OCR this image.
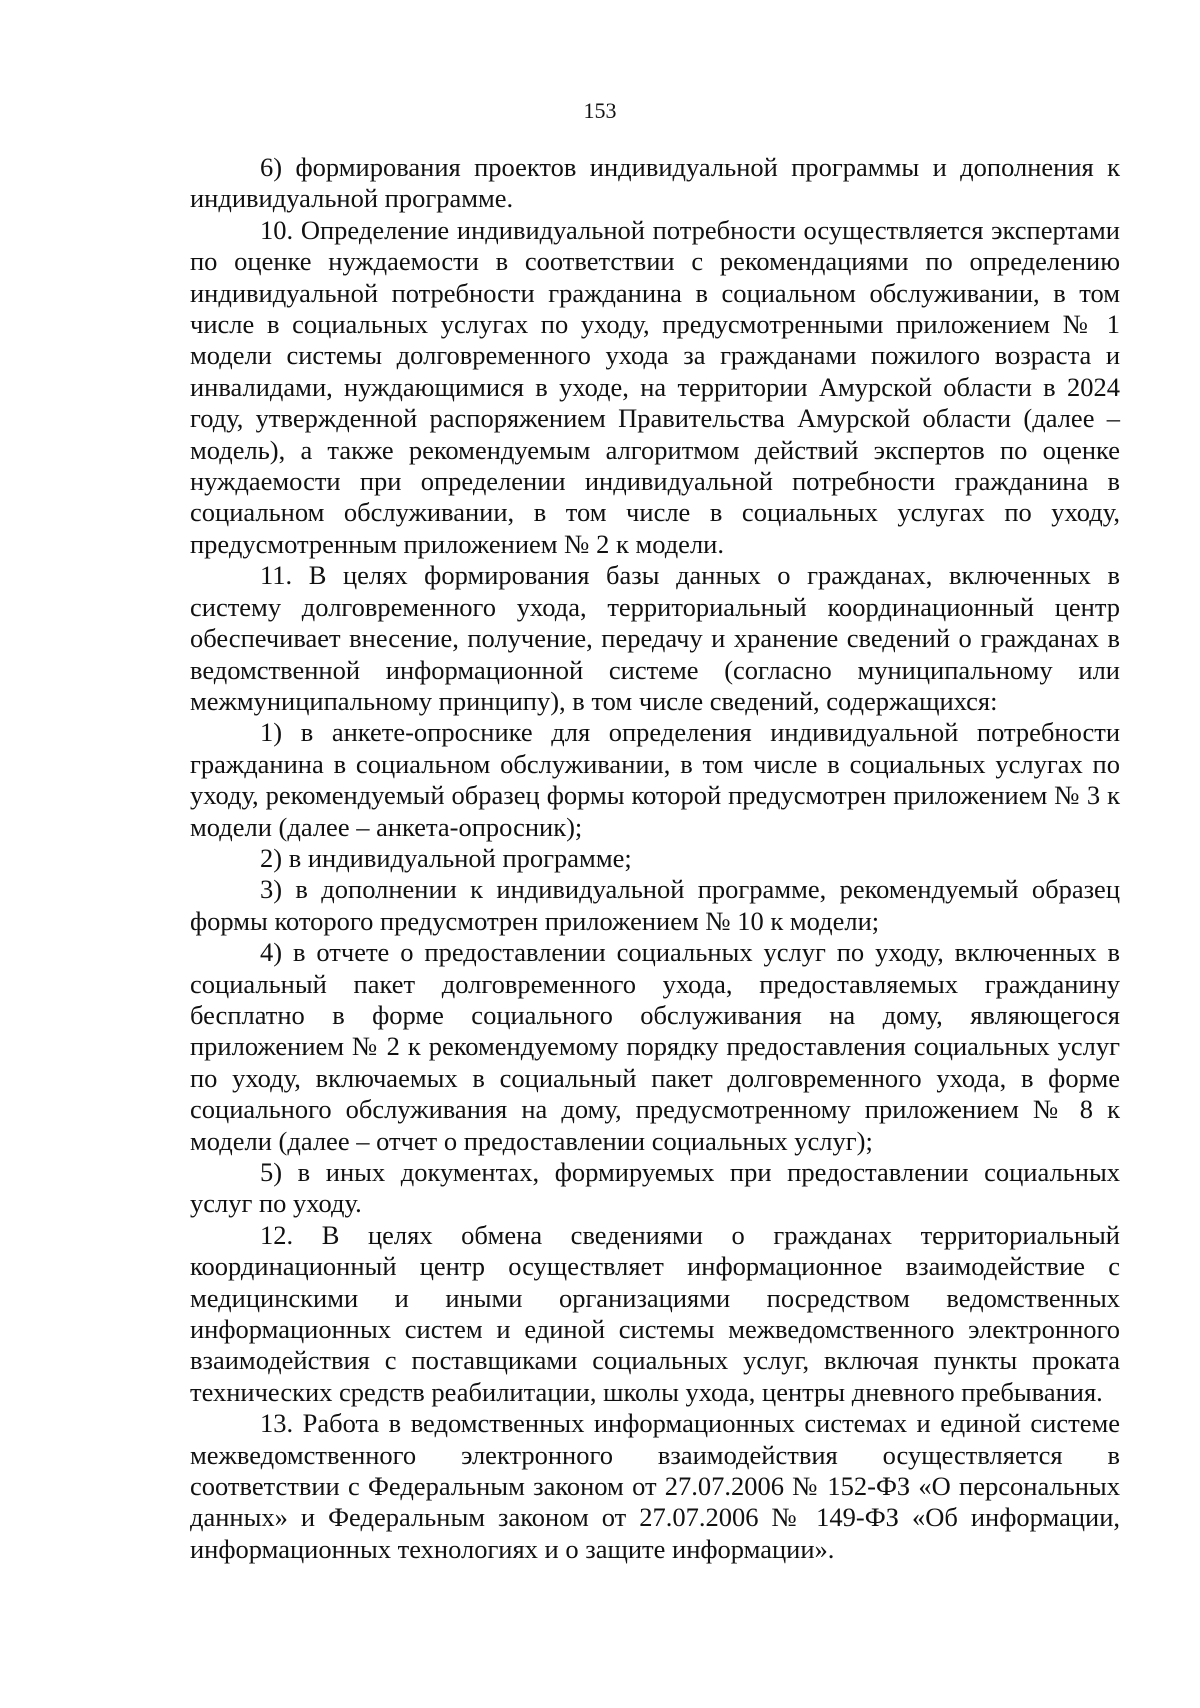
153

6) формирования проектов индивидуальной программы и дополнения к индивидуальной программе.

10. Определение индивидуальной потребности осуществляется экспертами по оценке нуждаемости в соответствии с рекомендациями по определению индивидуальной потребности гражданина в социальном обслуживании, в том числе в социальных услугах по уходу, предусмотренными приложением № 1 модели системы долговременного ухода за гражданами пожилого возраста и инвалидами, нуждающимися в уходе, на территории Амурской области в 2024 году, утвержденной распоряжением Правительства Амурской области (далее – модель), а также рекомендуемым алгоритмом действий экспертов по оценке нуждаемости при определении индивидуальной потребности гражданина в социальном обслуживании, в том числе в социальных услугах по уходу, предусмотренным приложением № 2 к модели.

11. В целях формирования базы данных о гражданах, включенных в систему долговременного ухода, территориальный координационный центр обеспечивает внесение, получение, передачу и хранение сведений о гражданах в ведомственной информационной системе (согласно муниципальному или межмуниципальному принципу), в том числе сведений, содержащихся:

1) в анкете-опроснике для определения индивидуальной потребности гражданина в социальном обслуживании, в том числе в социальных услугах по уходу, рекомендуемый образец формы которой предусмотрен приложением № 3 к модели (далее – анкета-опросник);

2) в индивидуальной программе;

3) в дополнении к индивидуальной программе, рекомендуемый образец формы которого предусмотрен приложением № 10 к модели;

4) в отчете о предоставлении социальных услуг по уходу, включенных в социальный пакет долговременного ухода, предоставляемых гражданину бесплатно в форме социального обслуживания на дому, являющегося приложением № 2 к рекомендуемому порядку предоставления социальных услуг по уходу, включаемых в социальный пакет долговременного ухода, в форме социального обслуживания на дому, предусмотренному приложением № 8 к модели (далее – отчет о предоставлении социальных услуг);

5) в иных документах, формируемых при предоставлении социальных услуг по уходу.

12. В целях обмена сведениями о гражданах территориальный координационный центр осуществляет информационное взаимодействие с медицинскими и иными организациями посредством ведомственных информационных систем и единой системы межведомственного электронного взаимодействия с поставщиками социальных услуг, включая пункты проката технических средств реабилитации, школы ухода, центры дневного пребывания.

13. Работа в ведомственных информационных системах и единой системе межведомственного электронного взаимодействия осуществляется в соответствии с Федеральным законом от 27.07.2006 № 152-ФЗ «О персональных данных» и Федеральным законом от 27.07.2006 № 149-ФЗ «Об информации, информационных технологиях и о защите информации».
